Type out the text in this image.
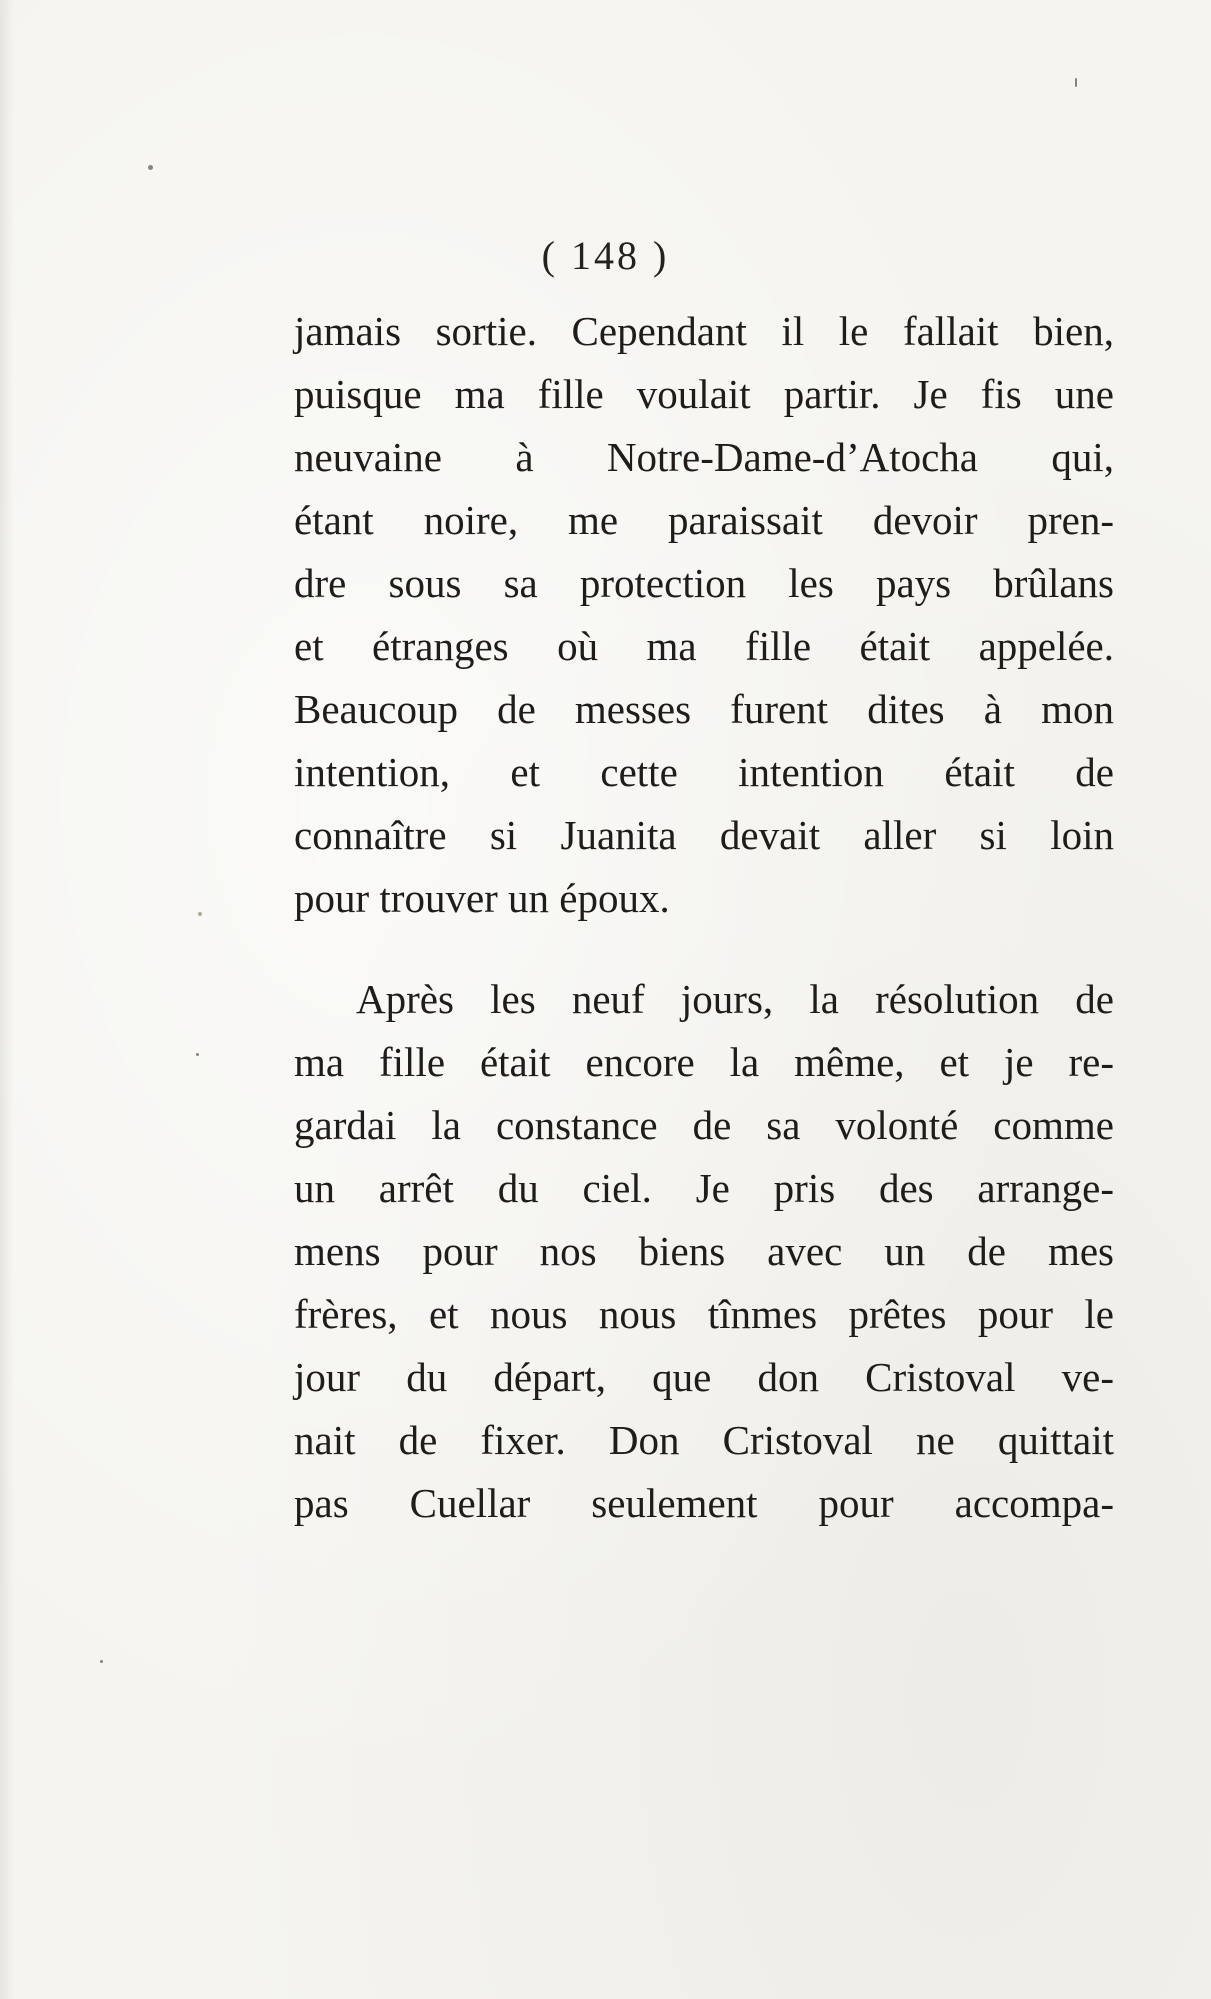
( 148 )
jamais sortie. Cependant il le fallait bien,
puisque ma fille voulait partir. Je fis une
neuvaine à Notre-Dame-d’Atocha qui,
étant noire, me paraissait devoir pren-
dre sous sa protection les pays brûlans
et étranges où ma fille était appelée.
Beaucoup de messes furent dites à mon
intention, et cette intention était de
connaître si Juanita devait aller si loin
pour trouver un époux.
Après les neuf jours, la résolution de
ma fille était encore la même, et je re-
gardai la constance de sa volonté comme
un arrêt du ciel. Je pris des arrange-
mens pour nos biens avec un de mes
frères, et nous nous tînmes prêtes pour le
jour du départ, que don Cristoval ve-
nait de fixer. Don Cristoval ne quittait
pas Cuellar seulement pour accompa-
